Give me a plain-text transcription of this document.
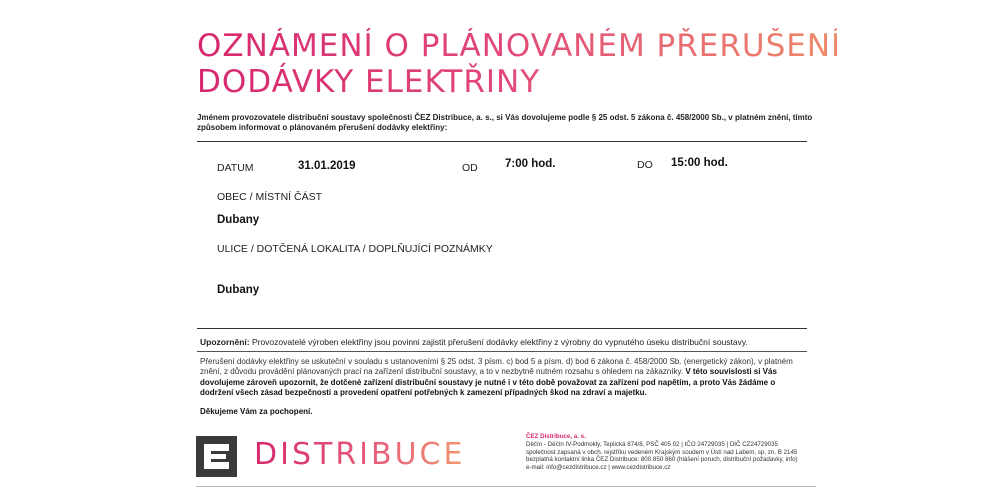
OZNÁMENÍ O PLÁNOVANÉM PŘERUŠENÍ
DODÁVKY ELEKTŘINY
Jménem provozovatele distribuční soustavy společnosti ČEZ Distribuce, a. s., si Vás dovolujeme podle § 25 odst. 5 zákona č. 458/2000 Sb., v platném znění, tímto způsobem informovat o plánovaném přerušení dodávky elektřiny:
DATUM	31.01.2019	OD 7:00 hod.	DO 15:00 hod.
OBEC / MÍSTNÍ ČÁST
Dubany
ULICE / DOTČENÁ LOKALITA / DOPLŇUJÍCÍ POZNÁMKY
Dubany
Upozornění: Provozovatelé výroben elektřiny jsou povinni zajistit přerušení dodávky elektřiny z výrobny do vypnutého úseku distribuční soustavy.
Přerušení dodávky elektřiny se uskuteční v souladu s ustanoveními § 25 odst. 3 písm. c) bod 5 a písm. d) bod 6 zákona č. 458/2000 Sb. (energetický zákon), v platném znění, z důvodu provádění plánovaných prací na zařízení distribuční soustavy, a to v nezbytně nutném rozsahu s ohledem na zákazníky. V této souvislosti si Vás dovolujeme zároveň upozornit, že dotčené zařízení distribuční soustavy je nutné i v této době považovat za zařízení pod napětím, a proto Vás žádáme o dodržení všech zásad bezpečnosti a provedení opatření potřebných k zamezení případných škod na zdraví a majetku.
Děkujeme Vám za pochopení.
DISTRIBUCE
ČEZ Distribuce, a. s.
Děčín - Děčín IV-Podmokly, Teplická 874/8, PSČ 405 02 | IČO 24729035 | DIČ CZ24729035
společnost zapsaná v obch. rejstříku vedeném Krajským soudem v Ústí nad Labem, sp. zn. B 2145
bezplatná kontaktní linka ČEZ Distribuce: 800 850 860 (hlášení poruch, distribuční požadavky, info)
e-mail: info@cezdistribuce.cz | www.cezdistribuce.cz
